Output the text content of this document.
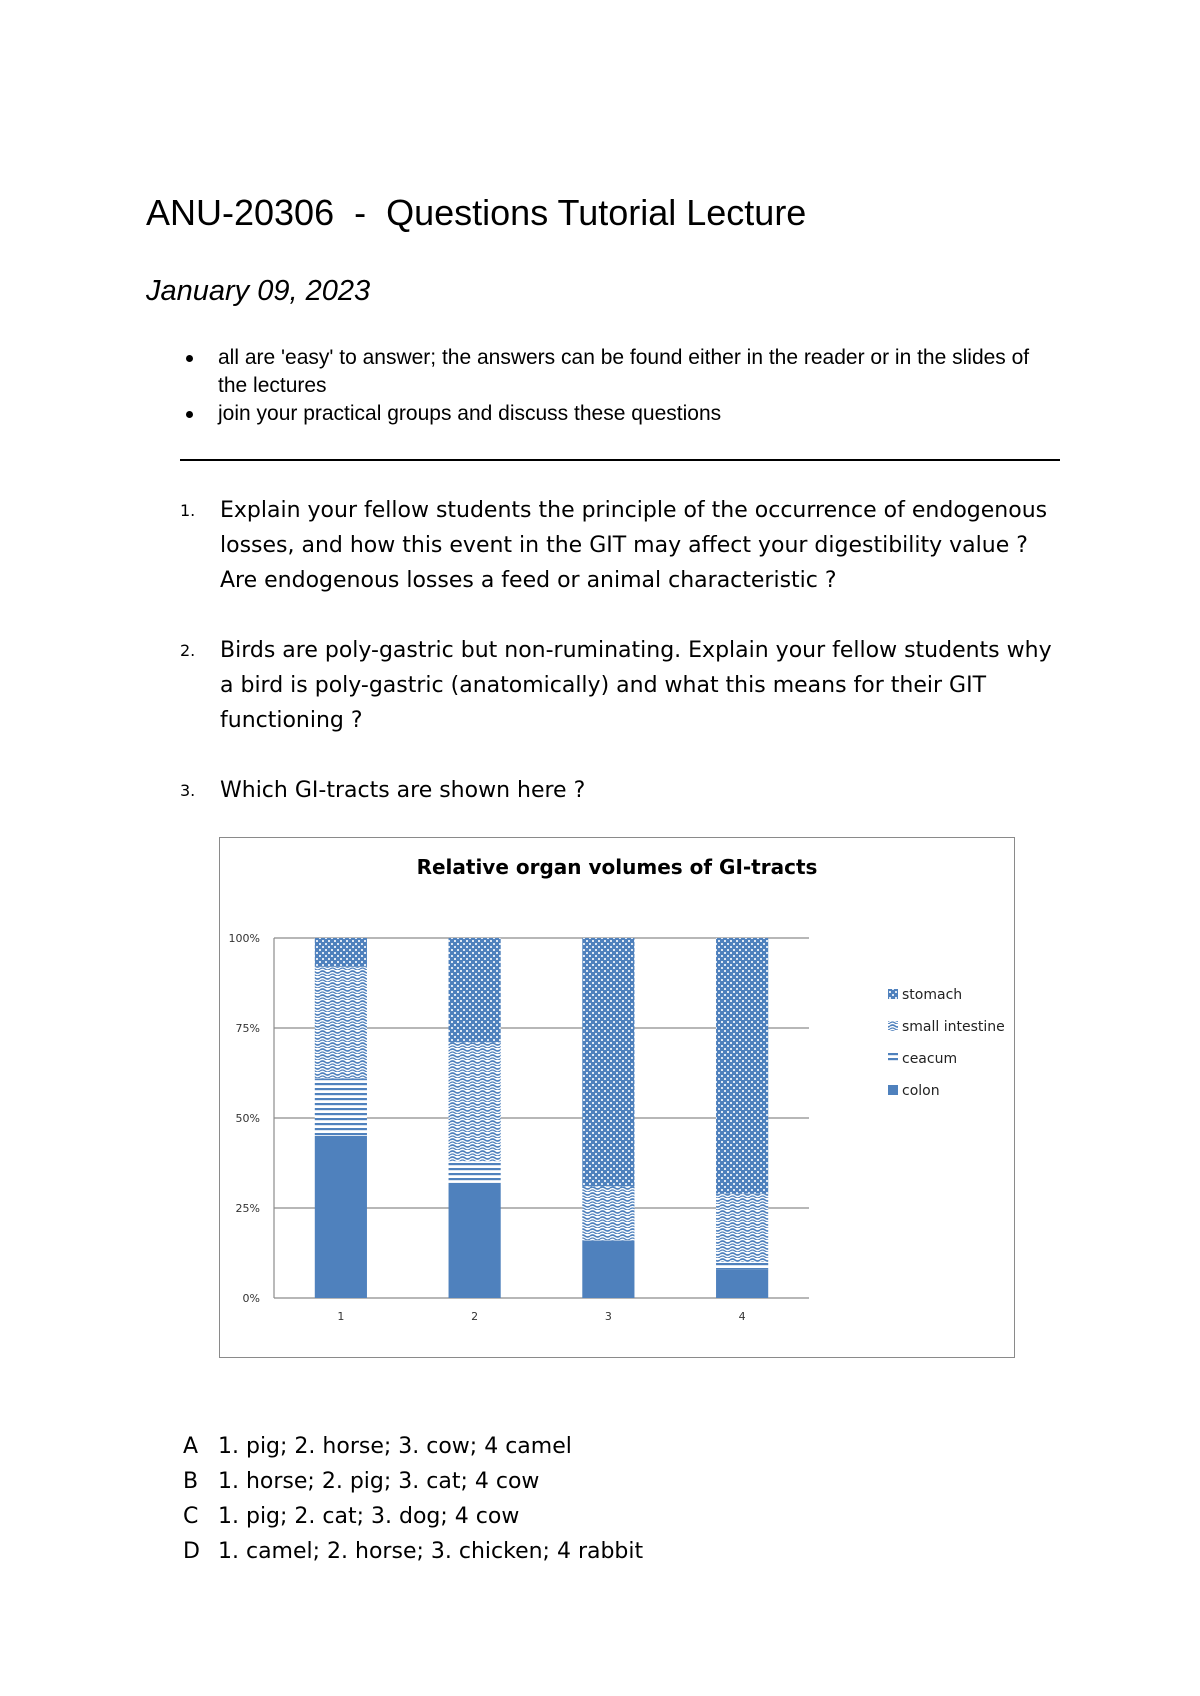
ANU-20306  -  Questions Tutorial Lecture
January 09, 2023
all are 'easy' to answer; the answers can be found either in the reader or in the slides of the lectures
join your practical groups and discuss these questions
1. Explain your fellow students the principle of the occurrence of endogenous losses, and how this event in the GIT may affect your digestibility value ? Are endogenous losses a feed or animal characteristic ?
2. Birds are poly-gastric but non-ruminating. Explain your fellow students why a bird is poly-gastric (anatomically) and what this means for their GIT functioning ?
3. Which GI-tracts are shown here ?
Relative organ volumes of GI-tracts
0%
25%
50%
75%
100%
1	2	3	4
stomach
small intestine
ceacum
colon
A 1. pig; 2. horse; 3. cow; 4 camel
B 1. horse; 2. pig; 3. cat; 4 cow
C 1. pig; 2. cat; 3. dog; 4 cow
D 1. camel; 2. horse; 3. chicken; 4 rabbit
